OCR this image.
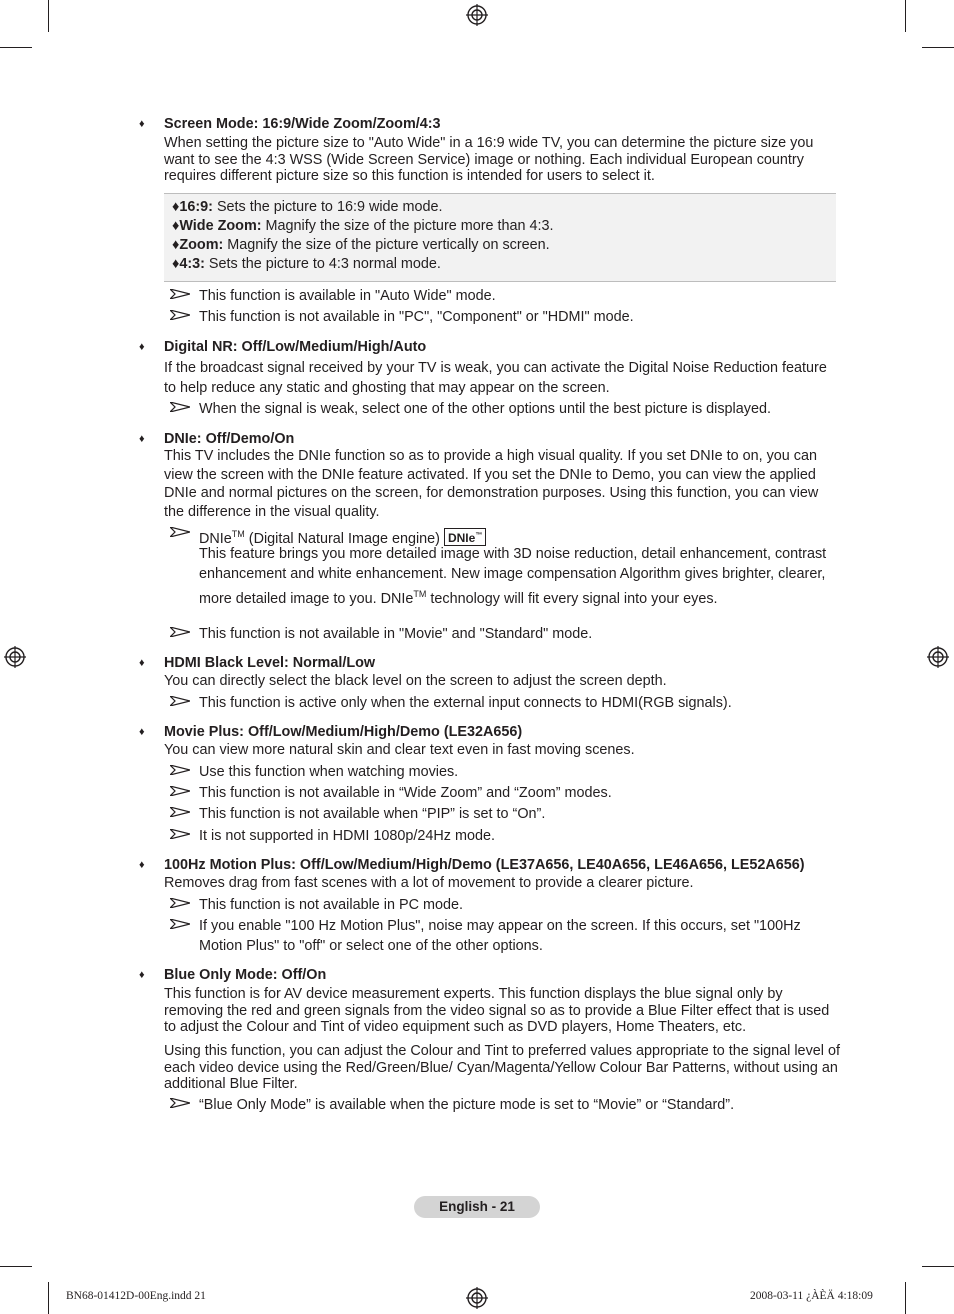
♦ Screen Mode: 16:9/Wide Zoom/Zoom/4:3
When setting the picture size to "Auto Wide" in a 16:9 wide TV, you can determine the picture size you want to see the 4:3 WSS (Wide Screen Service) image or nothing. Each individual European country requires different picture size so this function is intended for users to select it.
♦16:9: Sets the picture to 16:9 wide mode.
♦Wide Zoom: Magnify the size of the picture more than 4:3.
♦Zoom: Magnify the size of the picture vertically on screen.
♦4:3: Sets the picture to 4:3 normal mode.
This function is available in "Auto Wide" mode.
This function is not available in "PC", "Component" or "HDMI" mode.
♦ Digital NR: Off/Low/Medium/High/Auto
If the broadcast signal received by your TV is weak, you can activate the Digital Noise Reduction feature to help reduce any static and ghosting that may appear on the screen.
When the signal is weak, select one of the other options until the best picture is displayed.
♦ DNIe: Off/Demo/On
This TV includes the DNIe function so as to provide a high visual quality. If you set DNIe to on, you can view the screen with the DNIe feature activated. If you set the DNIe to Demo, you can view the applied DNIe and normal pictures on the screen, for demonstration purposes. Using this function, you can view the difference in the visual quality.
DNIe™ (Digital Natural Image engine) DNIe™
This feature brings you more detailed image with 3D noise reduction, detail enhancement, contrast enhancement and white enhancement. New image compensation Algorithm gives brighter, clearer, more detailed image to you. DNIe™ technology will fit every signal into your eyes.
This function is not available in "Movie" and "Standard" mode.
♦ HDMI Black Level: Normal/Low
You can directly select the black level on the screen to adjust the screen depth.
This function is active only when the external input connects to HDMI(RGB signals).
♦ Movie Plus: Off/Low/Medium/High/Demo (LE32A656)
You can view more natural skin and clear text even in fast moving scenes.
Use this function when watching movies.
This function is not available in “Wide Zoom” and “Zoom” modes.
This function is not available when “PIP” is set to “On”.
It is not supported in HDMI 1080p/24Hz mode.
♦ 100Hz Motion Plus: Off/Low/Medium/High/Demo (LE37A656, LE40A656, LE46A656, LE52A656)
Removes drag from fast scenes with a lot of movement to provide a clearer picture.
This function is not available in PC mode.
If you enable "100 Hz Motion Plus", noise may appear on the screen. If this occurs, set "100Hz Motion Plus" to "off" or select one of the other options.
♦ Blue Only Mode: Off/On
This function is for AV device measurement experts. This function displays the blue signal only by removing the red and green signals from the video signal so as to provide a Blue Filter effect that is used to adjust the Colour and Tint of video equipment such as DVD players, Home Theaters, etc.
Using this function, you can adjust the Colour and Tint to preferred values appropriate to the signal level of each video device using the Red/Green/Blue/ Cyan/Magenta/Yellow Colour Bar Patterns, without using an additional Blue Filter.
“Blue Only Mode” is available when the picture mode is set to “Movie” or “Standard”.
English - 21
BN68-01412D-00Eng.indd 21	2008-03-11 ¿ÀÈÄ 4:18:09
